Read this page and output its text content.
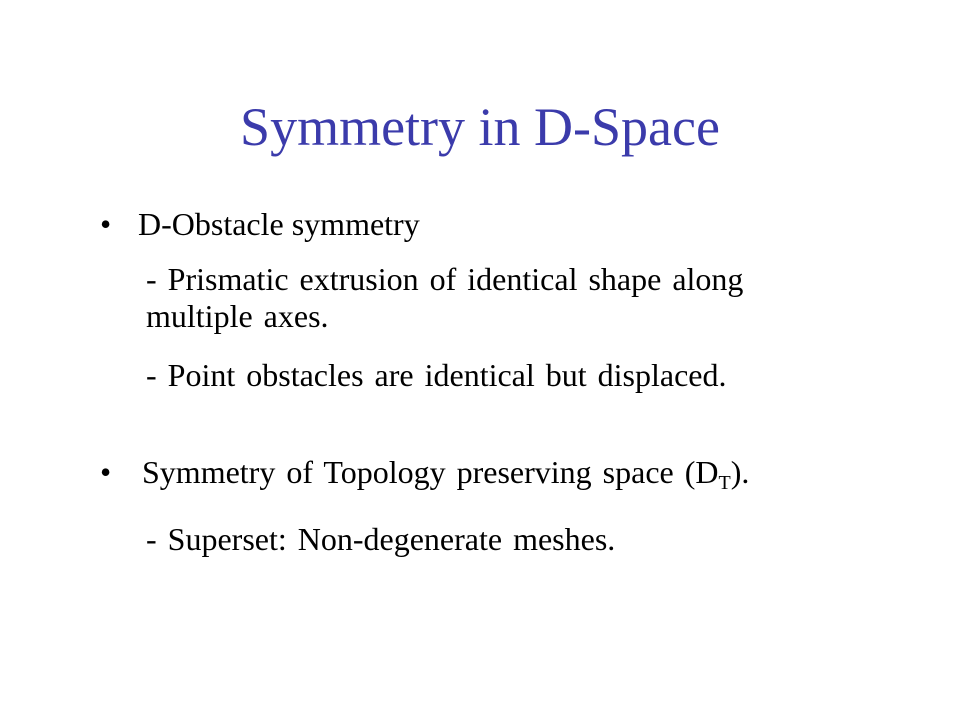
Symmetry in D-Space
• D-Obstacle symmetry
- Prismatic extrusion of identical shape along
multiple axes.
- Point obstacles are identical but displaced.
• Symmetry of Topology preserving space $(D_T)$.
- Superset: Non-degenerate meshes.
